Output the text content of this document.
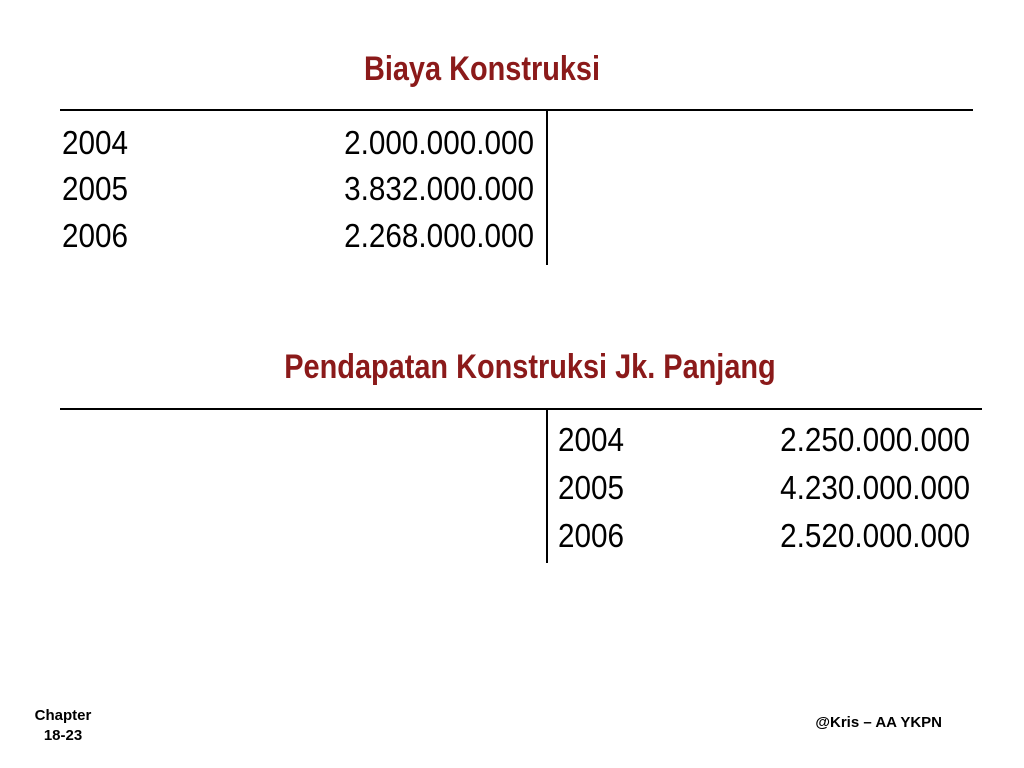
Biaya Konstruksi
2004	2.000.000.000
2005	3.832.000.000
2006	2.268.000.000
Pendapatan Konstruksi Jk. Panjang
2004	2.250.000.000
2005	4.230.000.000
2006	2.520.000.000
Chapter
18-23
@Kris – AA YKPN
